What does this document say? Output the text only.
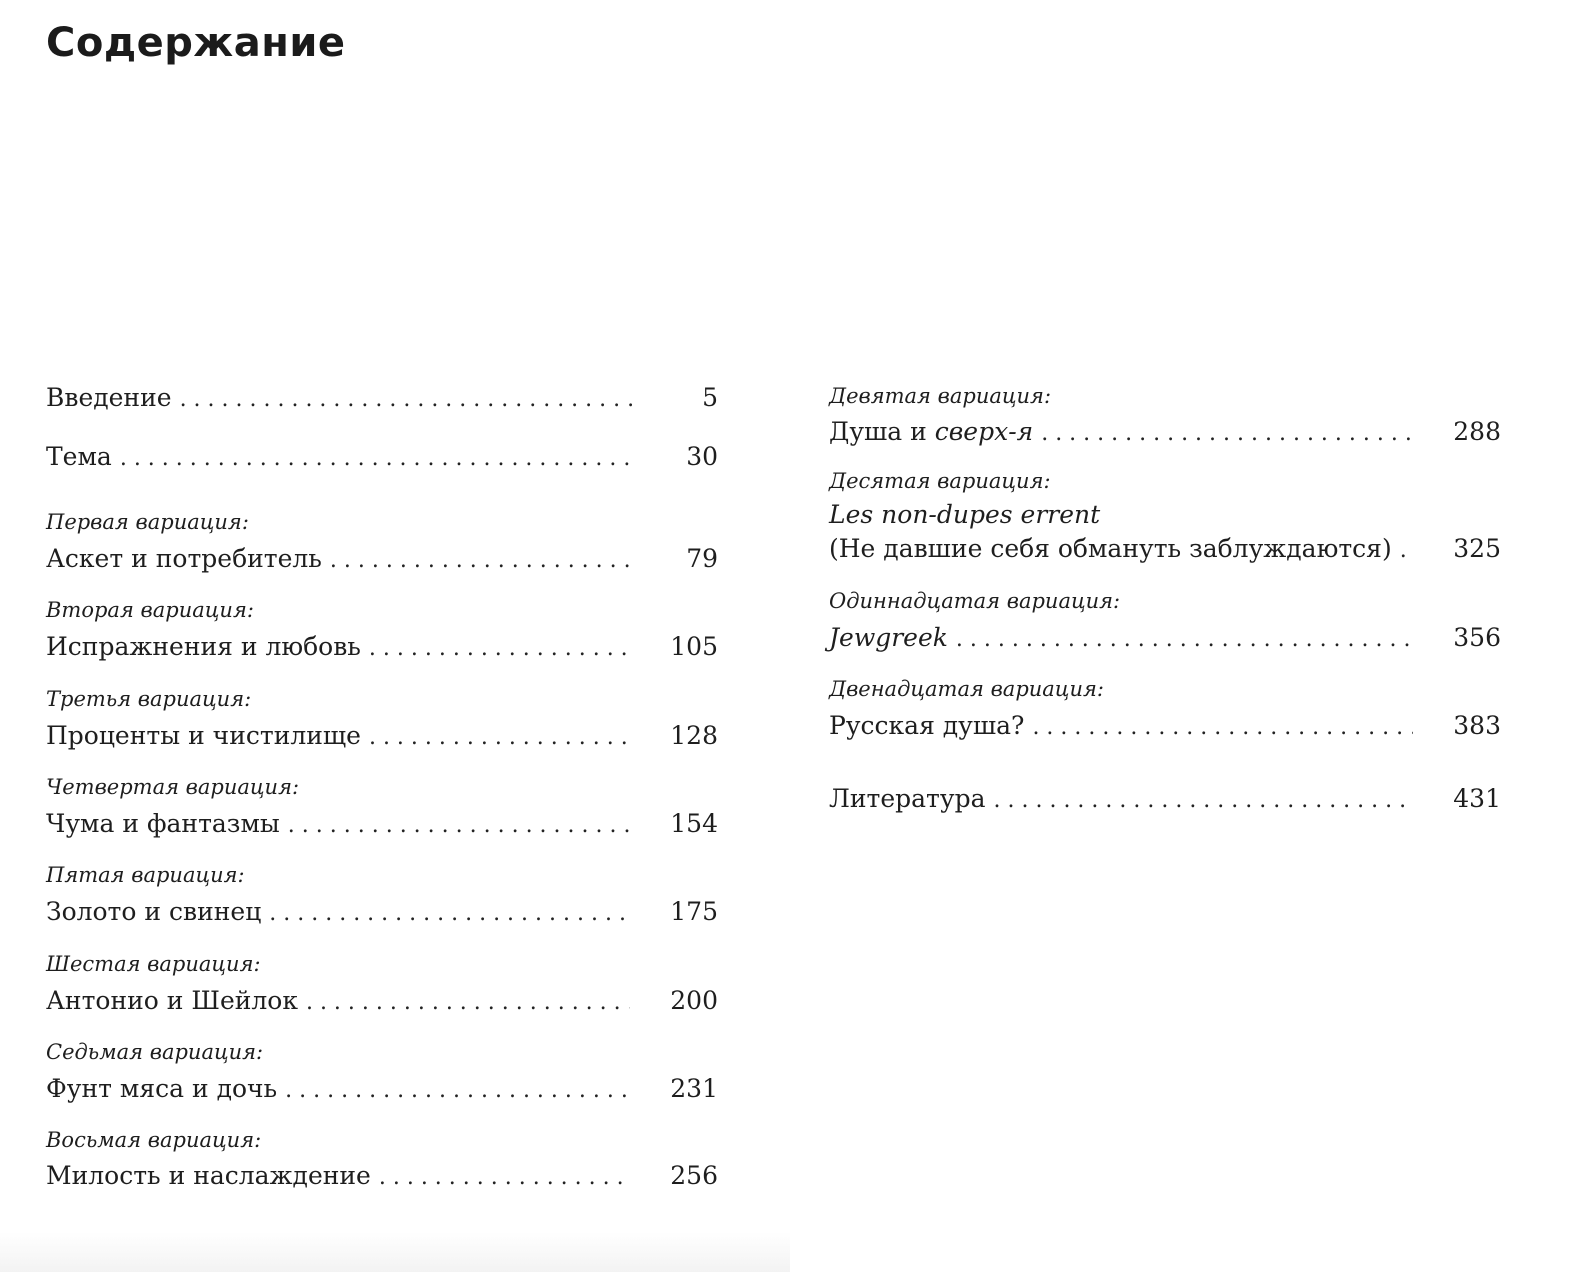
Содержание
Введение . . .	5
Тема . . .	30

Первая вариация:

Аскет и потребитель . . .	79

Вторая вариация:

Испражнения и любовь . . .	105

Третья вариация:

Проценты и чистилище . . .	128

Четвертая вариация:

Чума и фантазмы . . .	154

Пятая вариация:

Золото и свинец . . .	175

Шестая вариация:

Антонио и Шейлок . . .	200

Седьмая вариация:

Фунт мяса и дочь . . .	231

Восьмая вариация:

Милость и наслаждение . . .	256

Девятая вариация:

Душа и сверх-я . . .	288

Десятая вариация:

Les non-dupes errent
(Не давшие себя обмануть заблуждаются) . . .	325

Одиннадцатая вариация:

Jewgreek . . .	356

Двенадцатая вариация:

Русская душа? . . .	383
Литература . . .	431
